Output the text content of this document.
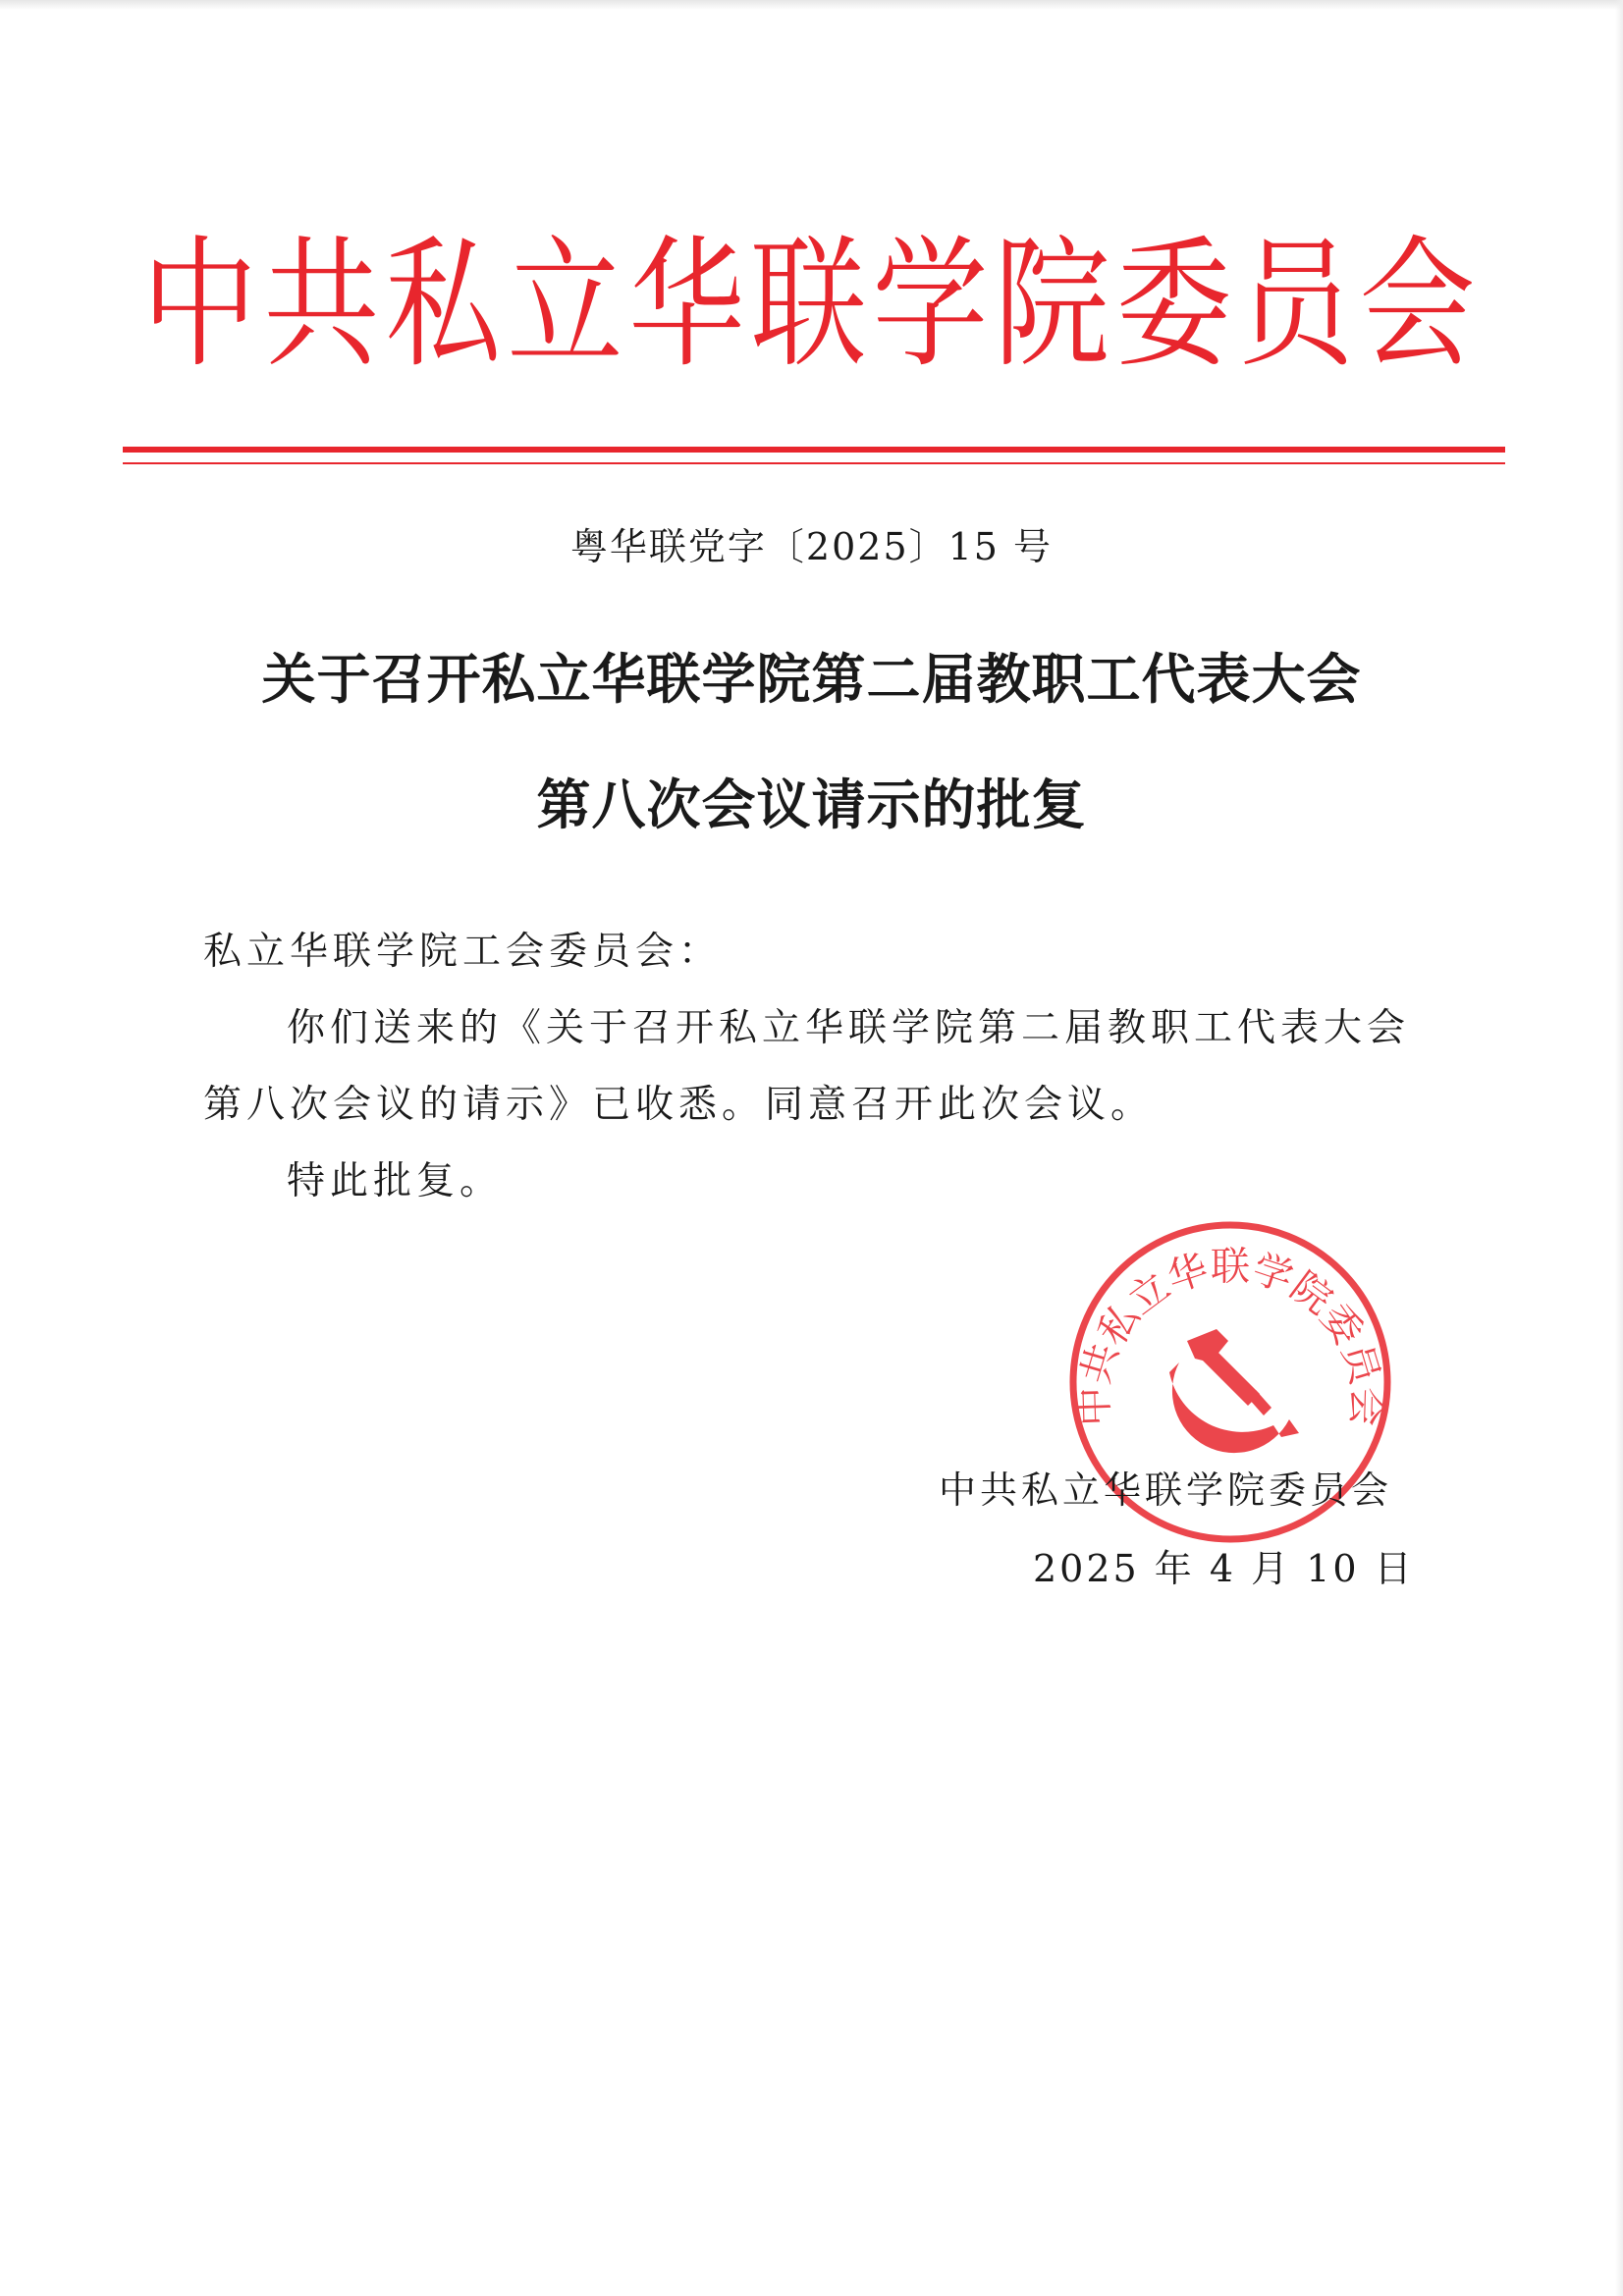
中共私立华联学院委员会
粤华联党字〔2025〕15 号
关于召开私立华联学院第二届教职工代表大会
第八次会议请示的批复
私立华联学院工会委员会：
你们送来的《关于召开私立华联学院第二届教职工代表大会
第八次会议的请示》已收悉。同意召开此次会议。
特此批复。
中共私立华联学院委员会
中共私立华联学院委员会
2025 年 4 月 10 日
